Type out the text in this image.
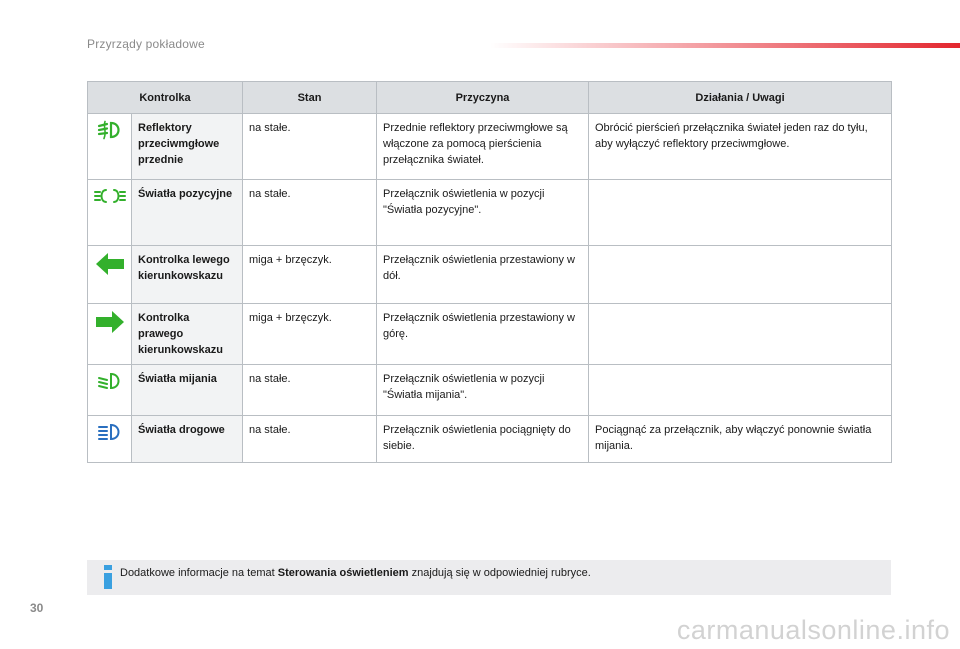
Przyrządy pokładowe
Kontrolka		Stan	Przyczyna	Działania / Uwagi
	Reflektory przeciwmgłowe przednie	na stałe.	Przednie reflektory przeciwmgłowe są włączone za pomocą pierścienia przełącznika świateł.	Obrócić pierścień przełącznika świateł jeden raz do tyłu, aby wyłączyć reflektory przeciwmgłowe.
	Światła pozycyjne	na stałe.	Przełącznik oświetlenia w pozycji "Światła pozycyjne".	
	Kontrolka lewego kierunkowskazu	miga + brzęczyk.	Przełącznik oświetlenia przestawiony w dół.	
	Kontrolka prawego kierunkowskazu	miga + brzęczyk.	Przełącznik oświetlenia przestawiony w górę.	
	Światła mijania	na stałe.	Przełącznik oświetlenia w pozycji "Światła mijania".	
	Światła drogowe	na stałe.	Przełącznik oświetlenia pociągnięty do siebie.	Pociągnąć za przełącznik, aby włączyć ponownie światła mijania.
Dodatkowe informacje na temat Sterowania oświetleniem znajdują się w odpowiedniej rubryce.
30
carmanualsonline.info
